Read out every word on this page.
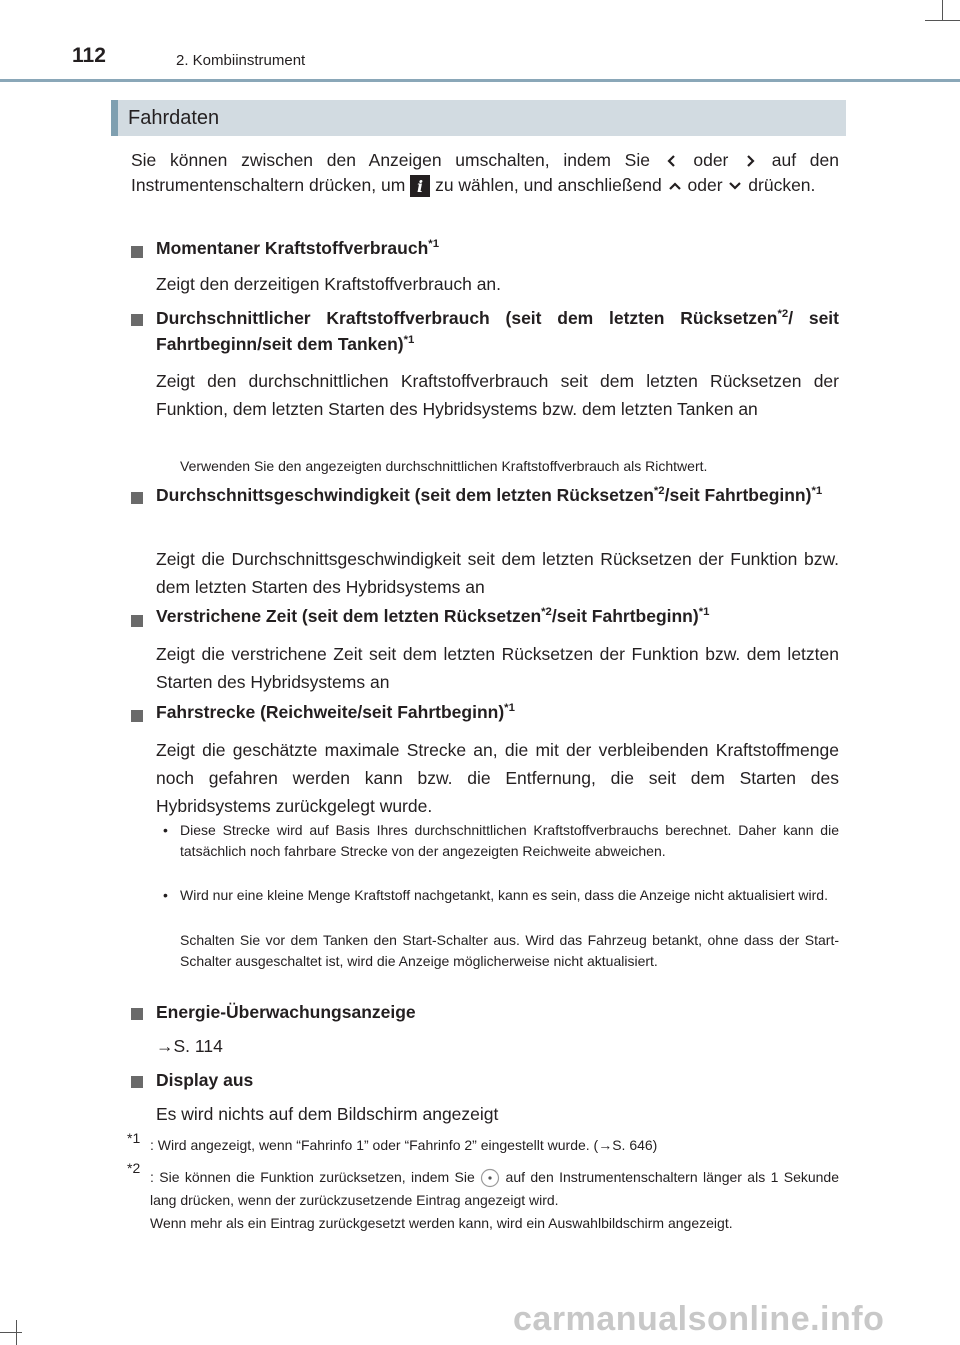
112	2. Kombiinstrument
Fahrdaten

Sie können zwischen den Anzeigen umschalten, indem Sie oder auf den Instrumentenschaltern drücken, um i zu wählen, und anschließend oder drücken.

Momentaner Kraftstoffverbrauch$^{*1}$

Zeigt den derzeitigen Kraftstoffverbrauch an.

Durchschnittlicher Kraftstoffverbrauch (seit dem letzten Rücksetzen$^{*2}$/ seit Fahrtbeginn/seit dem Tanken)$^{*1}$

Zeigt den durchschnittlichen Kraftstoffverbrauch seit dem letzten Rücksetzen der Funktion, dem letzten Starten des Hybridsystems bzw. dem letzten Tanken an

Verwenden Sie den angezeigten durchschnittlichen Kraftstoffverbrauch als Richtwert.

Durchschnittsgeschwindigkeit (seit dem letzten Rücksetzen$^{*2}$/seit Fahrtbeginn)$^{*1}$

Zeigt die Durchschnittsgeschwindigkeit seit dem letzten Rücksetzen der Funktion bzw. dem letzten Starten des Hybridsystems an

Verstrichene Zeit (seit dem letzten Rücksetzen$^{*2}$/seit Fahrtbeginn)$^{*1}$

Zeigt die verstrichene Zeit seit dem letzten Rücksetzen der Funktion bzw. dem letzten Starten des Hybridsystems an

Fahrstrecke (Reichweite/seit Fahrtbeginn)$^{*1}$

Zeigt die geschätzte maximale Strecke an, die mit der verbleibenden Kraftstoffmenge noch gefahren werden kann bzw. die Entfernung, die seit dem Starten des Hybridsystems zurückgelegt wurde.

• Diese Strecke wird auf Basis Ihres durchschnittlichen Kraftstoffverbrauchs berechnet. Daher kann die tatsächlich noch fahrbare Strecke von der angezeigten Reichweite abweichen.

• Wird nur eine kleine Menge Kraftstoff nachgetankt, kann es sein, dass die Anzeige nicht aktualisiert wird.

Schalten Sie vor dem Tanken den Start-Schalter aus. Wird das Fahrzeug betankt, ohne dass der Start-Schalter ausgeschaltet ist, wird die Anzeige möglicherweise nicht aktualisiert.

Energie-Überwachungsanzeige

→S. 114

Display aus

Es wird nichts auf dem Bildschirm angezeigt

*1 : Wird angezeigt, wenn “Fahrinfo 1” oder “Fahrinfo 2” eingestellt wurde. (→S. 646)

*2

: Sie können die Funktion zurücksetzen, indem Sie auf den Instrumentenschaltern länger als 1 Sekunde lang drücken, wenn der zurückzusetzende Eintrag angezeigt wird.
Wenn mehr als ein Eintrag zurückgesetzt werden kann, wird ein Auswahlbildschirm angezeigt.

carmanualsonline.info
